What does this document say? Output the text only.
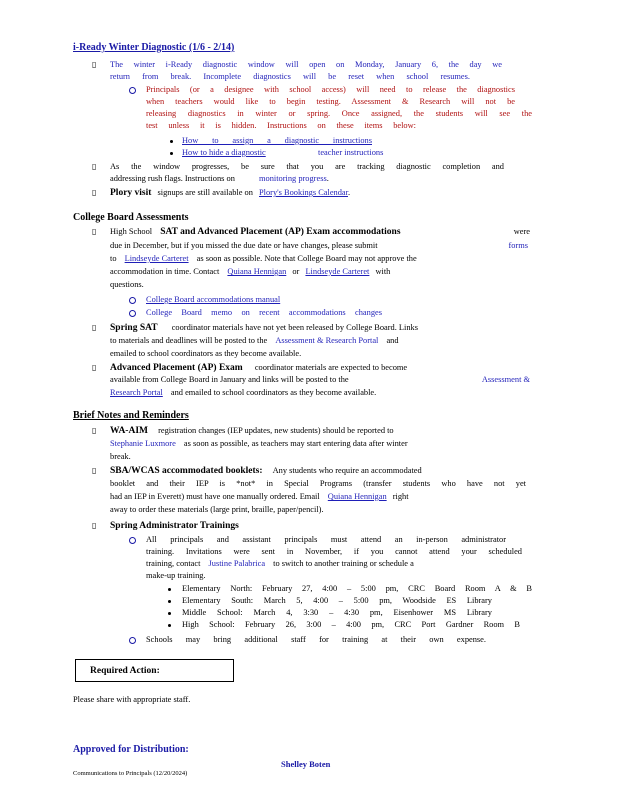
i-Ready Winter Diagnostic (1/6 - 2/14)
▯ The winter i-Ready diagnostic window will open on Monday, January 6, the day we
return from break. Incomplete diagnostics will be reset when school resumes.
Principals (or a designee with school access) will need to release the diagnostics
when teachers would like to begin testing. Assessment & Research will not be
releasing diagnostics in winter or spring. Once assigned, the students will see the
test unless it is hidden. Instructions on these items below:
How to assign a diagnostic instructions
How to hide a diagnostic	teacher instructions
▯ As the window progresses, be sure that you are tracking diagnostic completion and
addressing rush flags. Instructions on	monitoring progress.
▯ Plory visit signups are still available on Plory's Bookings Calendar.
College Board Assessments
▯ High School SAT and Advanced Placement (AP) Exam accommodations	were
due in December, but if you missed the due date or have changes, please submit	forms
to Lindseyde Carteret as soon as possible. Note that College Board may not approve the
accommodation in time. Contact Quiana Hennigan or Lindseyde Carteret with
questions.
College Board accommodations manual
College Board memo on recent accommodations changes
▯ Spring SAT coordinator materials have not yet been released by College Board. Links
to materials and deadlines will be posted to the Assessment & Research Portal and
emailed to school coordinators as they become available.
▯ Advanced Placement (AP) Exam coordinator materials are expected to become
available from College Board in January and links will be posted to the	Assessment &
Research Portal and emailed to school coordinators as they become available.
Brief Notes and Reminders
▯ WA-AIM registration changes (IEP updates, new students) should be reported to
Stephanie Luxmore as soon as possible, as teachers may start entering data after winter
break.
▯ SBA/WCAS accommodated booklets: Any students who require an accommodated
booklet and their IEP is *not* in Special Programs (transfer students who have not yet
had an IEP in Everett) must have one manually ordered. Email Quiana Hennigan right
away to order these materials (large print, braille, paper/pencil).
▯ Spring Administrator Trainings
All principals and assistant principals must attend an in-person administrator
training. Invitations were sent in November, if you cannot attend your scheduled
training, contact Justine Palabrica to switch to another training or schedule a
make-up training.
Elementary North: February 27, 4:00 – 5:00 pm, CRC Board Room A & B
Elementary South: March 5, 4:00 – 5:00 pm, Woodside ES Library
Middle School: March 4, 3:30 – 4:30 pm, Eisenhower MS Library
High School: February 26, 3:00 – 4:00 pm, CRC Port Gardner Room B
Schools may bring additional staff for training at their own expense.
Required Action:
Please share with appropriate staff.
Approved for Distribution:
Shelley Boten
Communications to Principals (12/20/2024)
